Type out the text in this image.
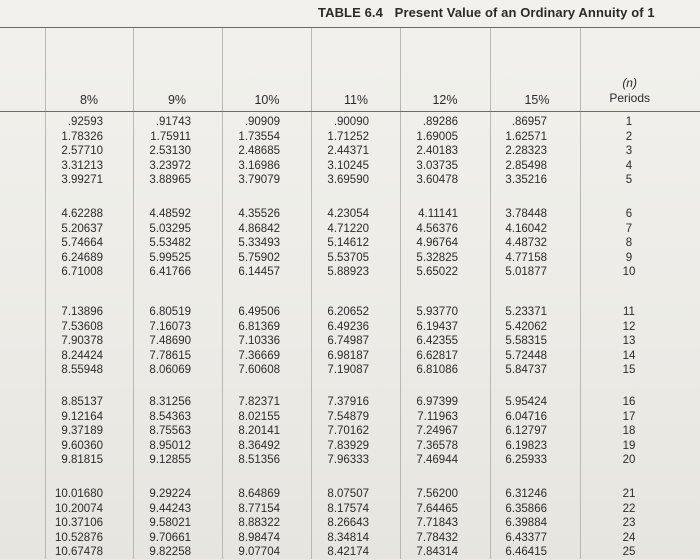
TABLE 6.4 Present Value of an Ordinary Annuity of 1
8%	9%	10%	11%	12%	15%
(n)
Periods
.92593	.91743	.90909	.90090	.89286	.86957	1
1.78326	1.75911	1.73554	1.71252	1.69005	1.62571	2
2.57710	2.53130	2.48685	2.44371	2.40183	2.28323	3
3.31213	3.23972	3.16986	3.10245	3.03735	2.85498	4
3.99271	3.88965	3.79079	3.69590	3.60478	3.35216	5
4.62288	4.48592	4.35526	4.23054	4.11141	3.78448	6
5.20637	5.03295	4.86842	4.71220	4.56376	4.16042	7
5.74664	5.53482	5.33493	5.14612	4.96764	4.48732	8
6.24689	5.99525	5.75902	5.53705	5.32825	4.77158	9
6.71008	6.41766	6.14457	5.88923	5.65022	5.01877	10
7.13896	6.80519	6.49506	6.20652	5.93770	5.23371	11
7.53608	7.16073	6.81369	6.49236	6.19437	5.42062	12
7.90378	7.48690	7.10336	6.74987	6.42355	5.58315	13
8.24424	7.78615	7.36669	6.98187	6.62817	5.72448	14
8.55948	8.06069	7.60608	7.19087	6.81086	5.84737	15
8.85137	8.31256	7.82371	7.37916	6.97399	5.95424	16
9.12164	8.54363	8.02155	7.54879	7.11963	6.04716	17
9.37189	8.75563	8.20141	7.70162	7.24967	6.12797	18
9.60360	8.95012	8.36492	7.83929	7.36578	6.19823	19
9.81815	9.12855	8.51356	7.96333	7.46944	6.25933	20
10.01680	9.29224	8.64869	8.07507	7.56200	6.31246	21
10.20074	9.44243	8.77154	8.17574	7.64465	6.35866	22
10.37106	9.58021	8.88322	8.26643	7.71843	6.39884	23
10.52876	9.70661	8.98474	8.34814	7.78432	6.43377	24
10.67478	9.82258	9.07704	8.42174	7.84314	6.46415	25
